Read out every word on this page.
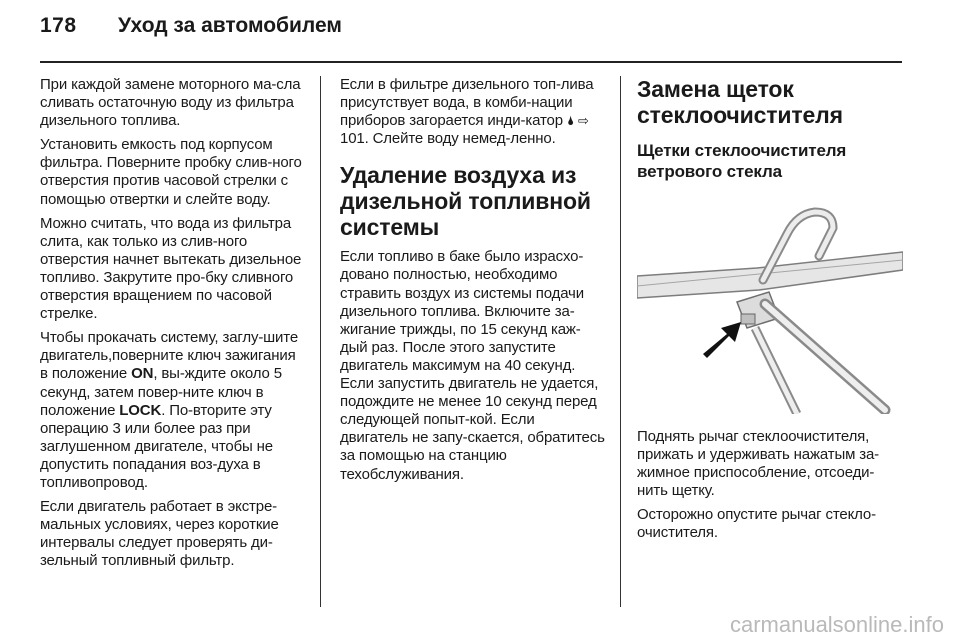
178 Уход за автомобилем

При каждой замене моторного ма-сла сливать остаточную воду из фильтра дизельного топлива.

Установить емкость под корпусом фильтра. Поверните пробку слив-ного отверстия против часовой стрелки с помощью отвертки и слейте воду.

Можно считать, что вода из фильтра слита, как только из слив-ного отверстия начнет вытекать дизельное топливо. Закрутите про-бку сливного отверстия вращением по часовой стрелке.

Чтобы прокачать систему, заглу-шите двигатель,поверните ключ зажигания в положение ON, вы-ждите около 5 секунд, затем повер-ните ключ в положение LOCK. По-вторите эту операцию 3 или более раз при заглушенном двигателе, чтобы не допустить попадания воз-духа в топливопровод.

Если двигатель работает в экстре-мальных условиях, через короткие интервалы следует проверять ди-зельный топливный фильтр.

Если в фильтре дизельного топ-лива присутствует вода, в комби-нации приборов загорается инди-катор 🌢 ⇨ 101. Слейте воду немед-ленно.

Удаление воздуха из дизельной топливной системы

Если топливо в баке было израсхо-довано полностью, необходимо стравить воздух из системы подачи дизельного топлива. Включите за-жигание трижды, по 15 секунд каж-дый раз. После этого запустите двигатель максимум на 40 секунд. Если запустить двигатель не удается, подождите не менее 10 секунд перед следующей попыт-кой. Если двигатель не запу-скается, обратитесь за помощью на станцию техобслуживания.

Замена щеток стеклоочистителя
Щетки стеклоочистителя ветрового стекла

Поднять рычаг стеклоочистителя, прижать и удерживать нажатым за-жимное приспособление, отсоеди-нить щетку.

Осторожно опустите рычаг стекло-очистителя.

carmanualsonline.info
